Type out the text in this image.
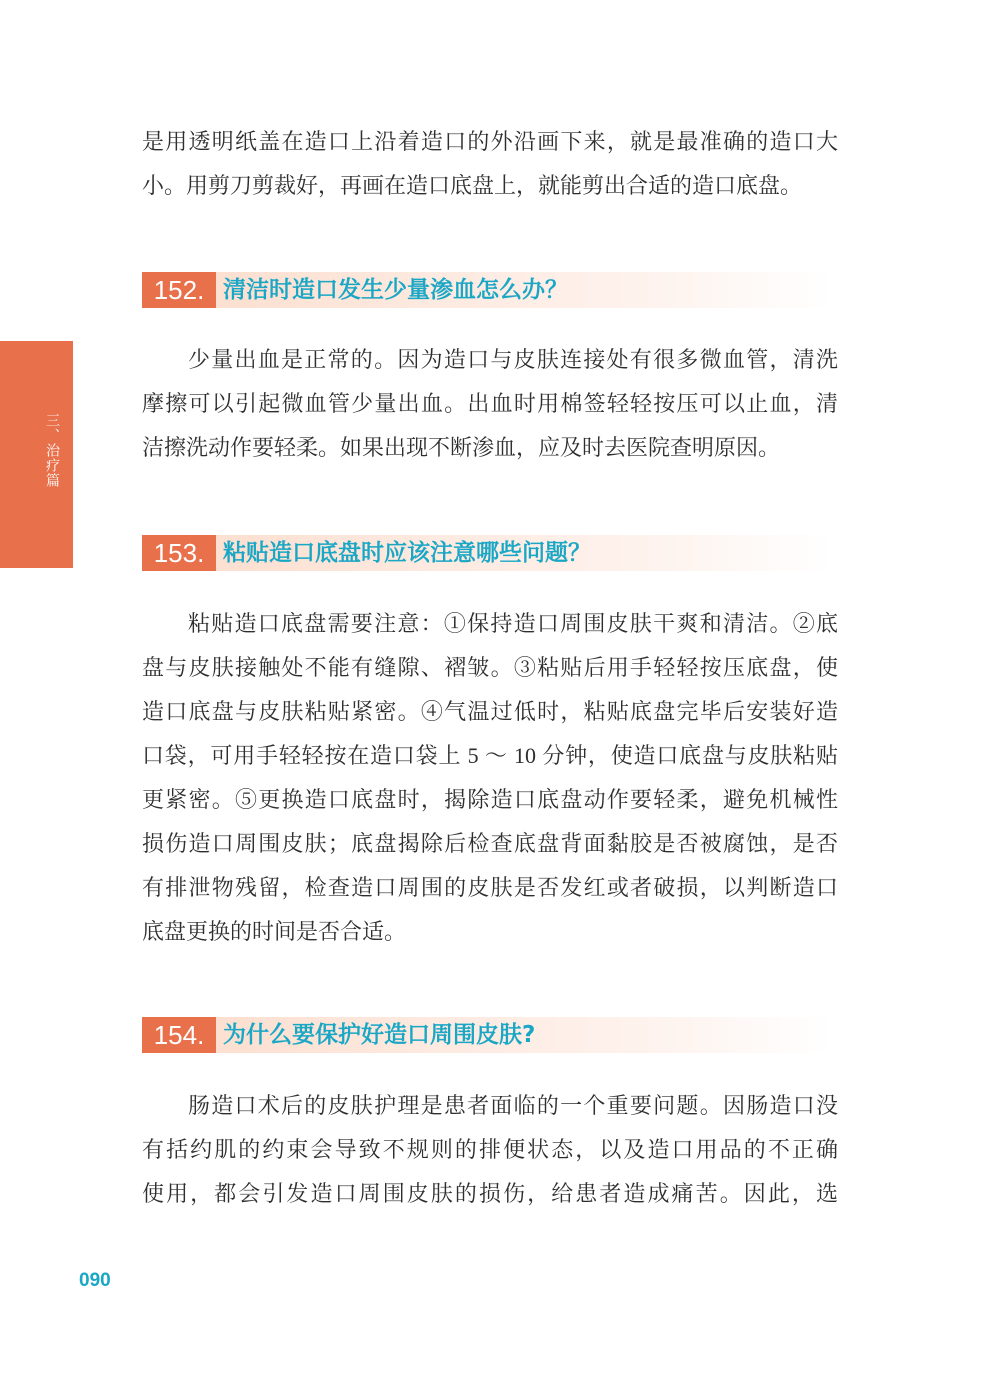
三、治疗篇
是用透明纸盖在造口上沿着造口的外沿画下来，就是最准确的造口大
小。用剪刀剪裁好，再画在造口底盘上，就能剪出合适的造口底盘。
152. 清洁时造口发生少量渗血怎么办？
少量出血是正常的。因为造口与皮肤连接处有很多微血管，清洗
摩擦可以引起微血管少量出血。出血时用棉签轻轻按压可以止血，清
洁擦洗动作要轻柔。如果出现不断渗血，应及时去医院查明原因。
153. 粘贴造口底盘时应该注意哪些问题？
粘贴造口底盘需要注意：①保持造口周围皮肤干爽和清洁。②底
盘与皮肤接触处不能有缝隙、褶皱。③粘贴后用手轻轻按压底盘，使
造口底盘与皮肤粘贴紧密。④气温过低时，粘贴底盘完毕后安装好造
口袋，可用手轻轻按在造口袋上 5 ～ 10 分钟，使造口底盘与皮肤粘贴
更紧密。⑤更换造口底盘时，揭除造口底盘动作要轻柔，避免机械性
损伤造口周围皮肤；底盘揭除后检查底盘背面黏胶是否被腐蚀，是否
有排泄物残留，检查造口周围的皮肤是否发红或者破损，以判断造口
底盘更换的时间是否合适。
154. 为什么要保护好造口周围皮肤?
肠造口术后的皮肤护理是患者面临的一个重要问题。因肠造口没
有括约肌的约束会导致不规则的排便状态，以及造口用品的不正确
使用，都会引发造口周围皮肤的损伤，给患者造成痛苦。因此，选
090
